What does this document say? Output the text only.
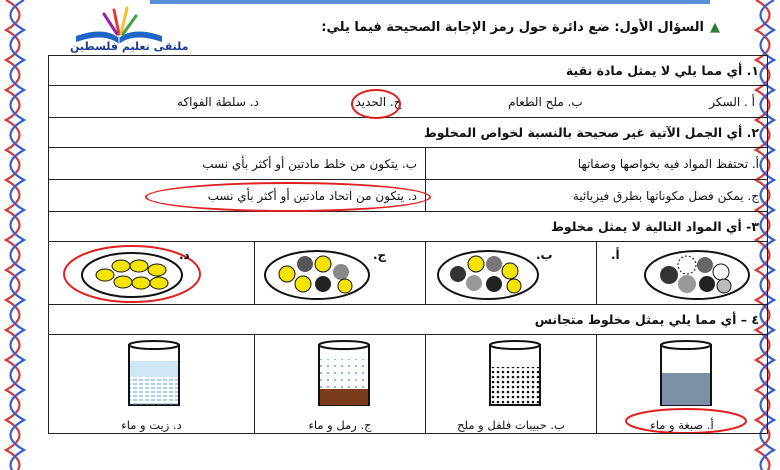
ملتقى تعليم فلسطين
▲السؤال الأول: ضع دائرة حول رمز الإجابة الصحيحة فيما يلي:
١. أي مما يلي لا يمثل مادة نقية			

أ . السكر
ب. ملح الطعام
ج. الحديد
د. سلطة الفواكه			

٢. أي الجمل الآتية غير صحيحة بالنسبة لخواص المخلوط			
أ. تحتفظ المواد فيه بخواصها وصفاتها		ب. يتكون من خلط مادتين أو أكثر بأي نسب	
ج. يمكن فصل مكوناتها بطرق فيزيائية		د. يتكون من اتحاد مادتين أو أكثر بأي نسب	

٣- أي المواد التالية لا يمثل مخلوط			

أ.	ب.	ج.	د.

٤ – أي مما يلي يمثل مخلوط متجانس			

أ. صبغة و ماء	ب. حبيبات فلفل و ملح	ج. رمل و ماء	د. زيت و ماء
